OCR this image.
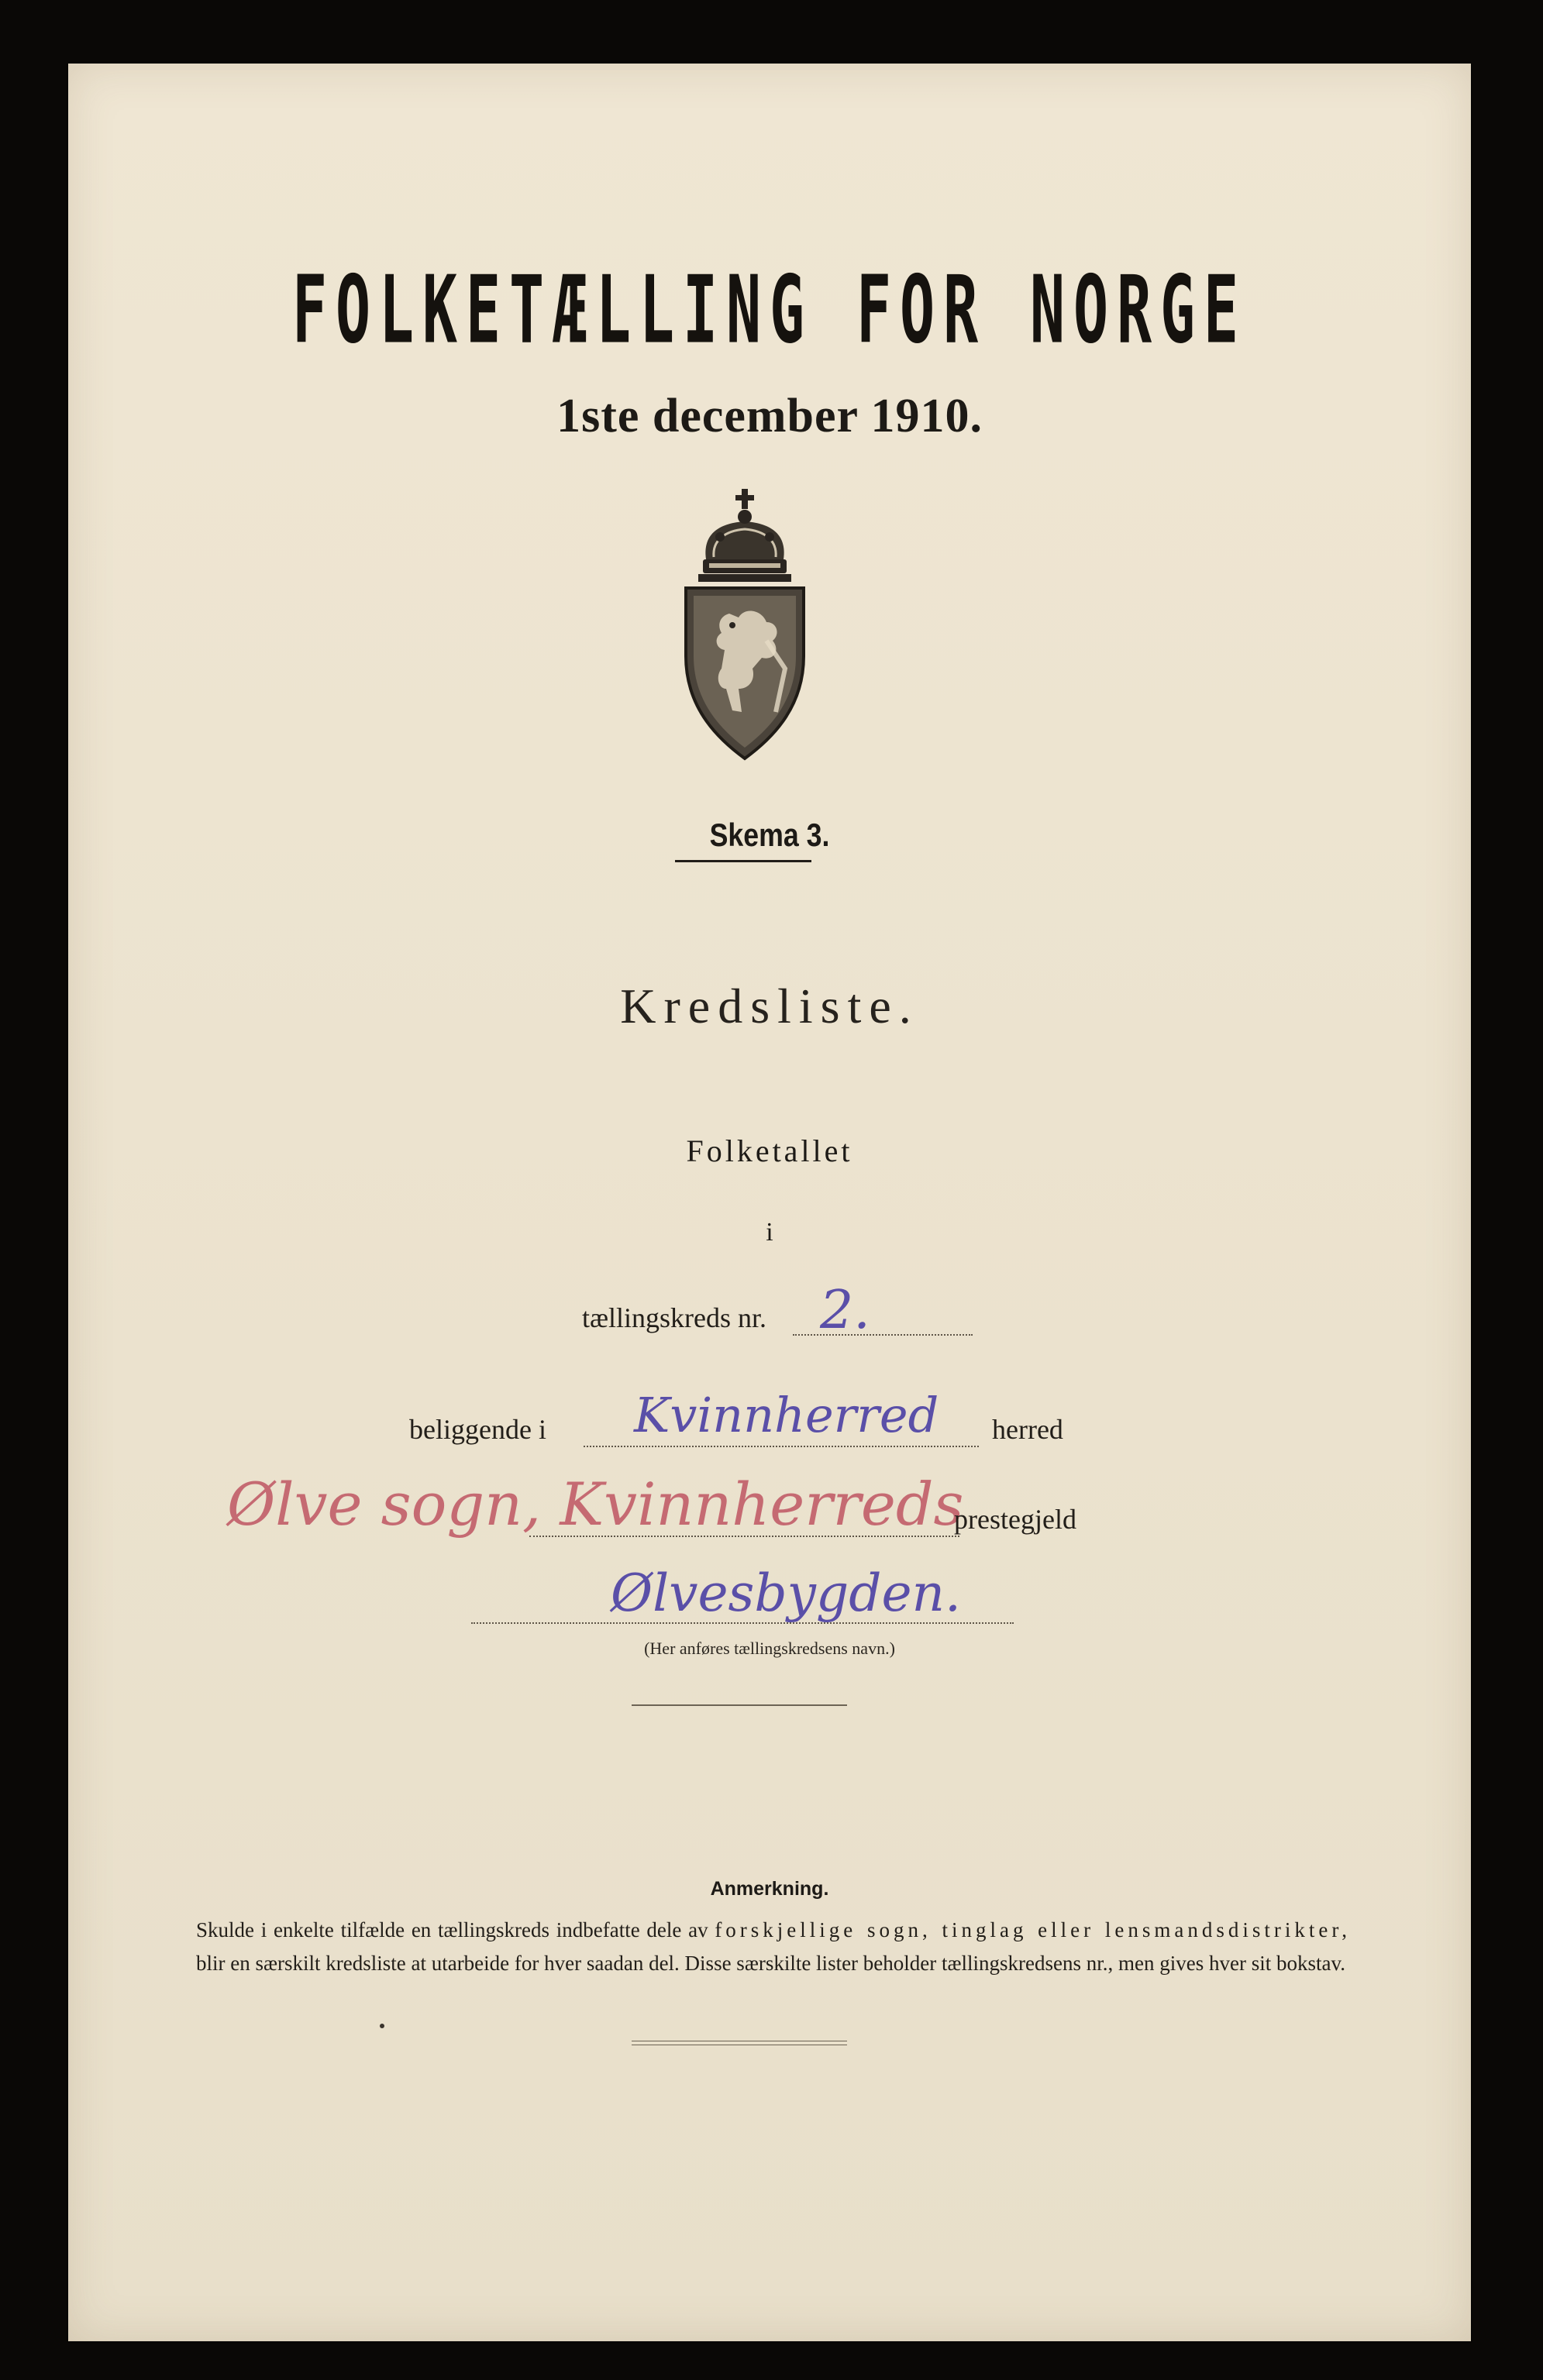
FOLKETÆLLING FOR NORGE
1ste december 1910.
Skema 3.
Kredsliste.
Folketallet
i
tællingskreds nr. 2.
beliggende i Kvinnherred herred
Ølve sogn, Kvinnherreds
prestegjeld
Ølvesbygden.
(Her anføres tællingskredsens navn.)
Anmerkning.
Skulde i enkelte tilfælde en tællingskreds indbefatte dele av forskjellige sogn, tinglag eller lensmandsdistrikter, blir en særskilt kredsliste at utarbeide for hver saadan del. Disse særskilte lister beholder tællingskredsens nr., men gives hver sit bokstav.
